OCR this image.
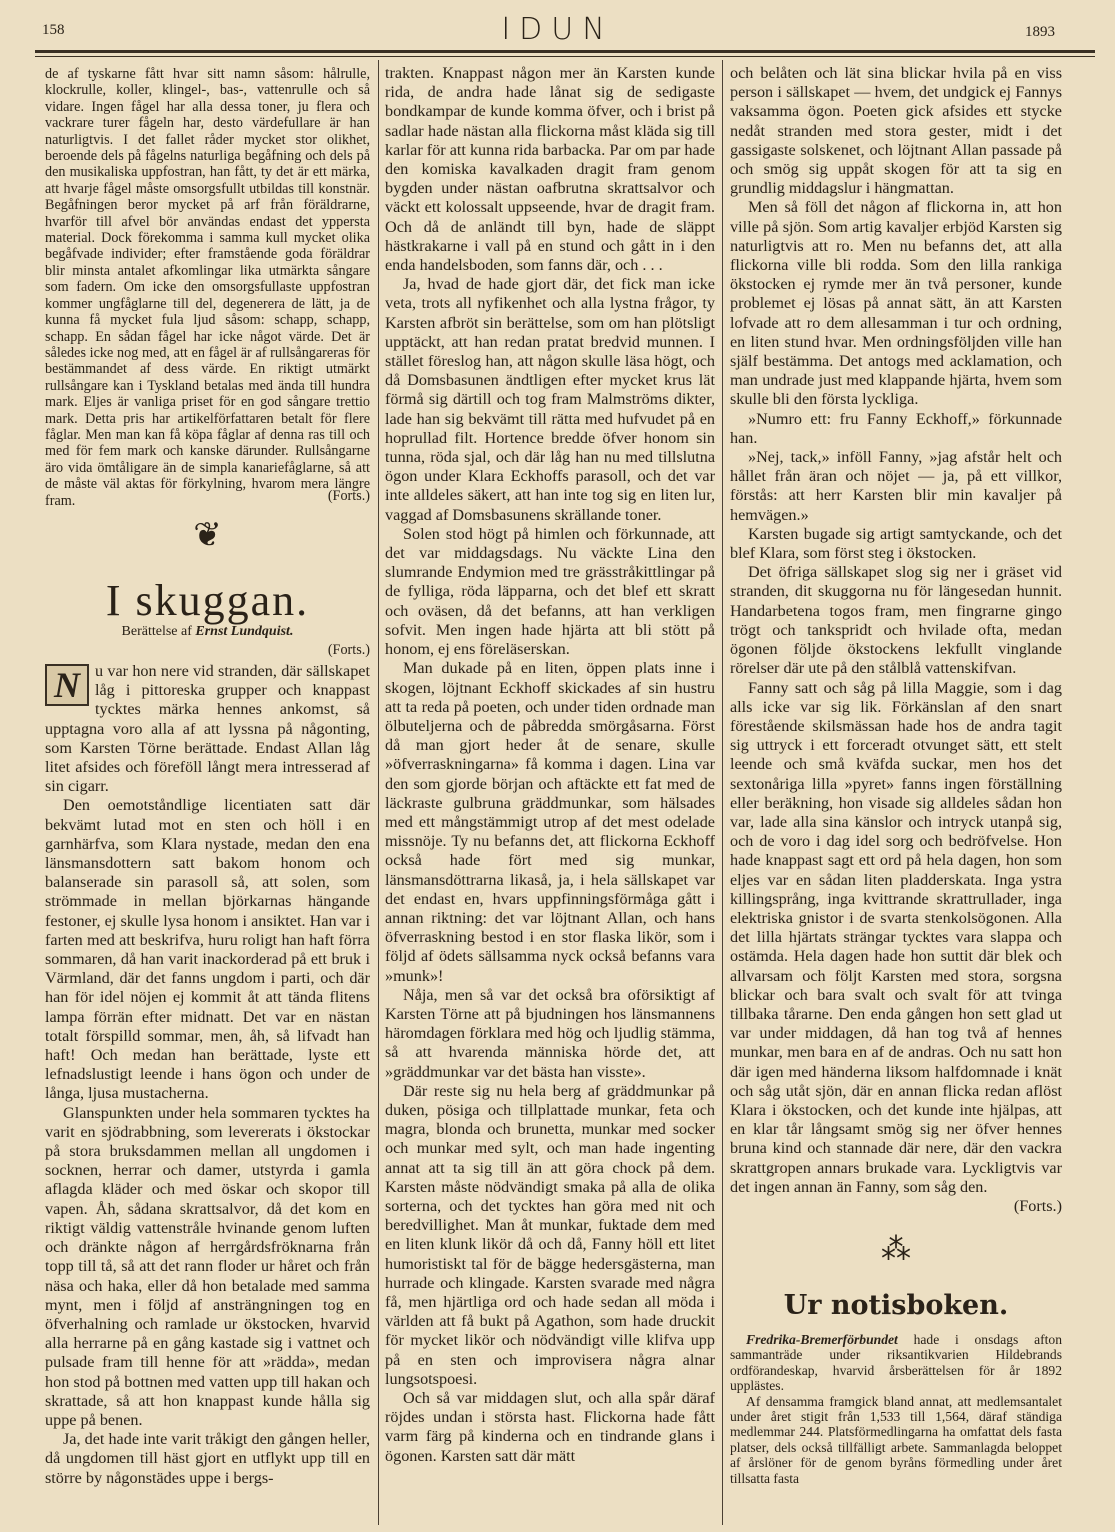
158	IDUN	1893

de af tyskarne fått hvar sitt namn såsom: hålrulle, klockrulle, koller, klingel-, bas-, vattenrulle och så vidare. Ingen fågel har alla dessa toner, ju flera och vackrare turer fågeln har, desto värdefullare är han naturligtvis. I det fallet råder mycket stor olikhet, beroende dels på fågelns naturliga begåfning och dels på den musikaliska uppfostran, han fått, ty det är ett märka, att hvarje fågel måste omsorgsfullt utbildas till konstnär. Begåfningen beror mycket på arf från föräldrarne, hvarför till afvel bör användas endast det yppersta material. Dock förekomma i samma kull mycket olika begåfvade individer; efter framstående goda föräldrar blir minsta antalet afkomlingar lika utmärkta sångare som fadern. Om icke den omsorgsfullaste uppfostran kommer ungfåglarne till del, degenerera de lätt, ja de kunna få mycket fula ljud såsom: schapp, schapp, schapp. En sådan fågel har icke något värde. Det är således icke nog med, att en fågel är af rullsångareras för bestämmandet af dess värde. En riktigt utmärkt rullsångare kan i Tyskland betalas med ända till hundra mark. Eljes är vanliga priset för en god sångare trettio mark. Detta pris har artikelförfattaren betalt för flere fåglar. Men man kan få köpa fåglar af denna ras till och med för fem mark och kanske därunder. Rullsångarne äro vida ömtåligare än de simpla kanariefåglarne, så att de måste väl aktas för förkylning, hvarom mera längre fram.	(Forts.)

❦
I skuggan.
Berättelse af Ernst Lundquist.

(Forts.)

N u var hon nere vid stranden, där sällskapet låg i pittoreska grupper och knappast tycktes märka hennes ankomst, så upptagna voro alla af att lyssna på någonting, som Karsten Törne berättade. Endast Allan låg litet afsides och föreföll långt mera intresserad af sin cigarr.

Den oemotståndlige licentiaten satt där bekvämt lutad mot en sten och höll i en garnhärfva, som Klara nystade, medan den ena länsmansdottern satt bakom honom och balanserade sin parasoll så, att solen, som strömmade in mellan björkarnas hängande festoner, ej skulle lysa honom i ansiktet. Han var i farten med att beskrifva, huru roligt han haft förra sommaren, då han varit inackorderad på ett bruk i Värmland, där det fanns ungdom i parti, och där han för idel nöjen ej kommit åt att tända flitens lampa förrän efter midnatt. Det var en nästan totalt förspilld sommar, men, åh, så lifvadt han haft! Och medan han berättade, lyste ett lefnadslustigt leende i hans ögon och under de långa, ljusa mustacherna.

Glanspunkten under hela sommaren tycktes ha varit en sjödrabbning, som levererats i ökstockar på stora bruksdammen mellan all ungdomen i socknen, herrar och damer, utstyrda i gamla aflagda kläder och med öskar och skopor till vapen. Åh, sådana skrattsalvor, då det kom en riktigt väldig vattenstråle hvinande genom luften och dränkte någon af herrgårdsfröknarna från topp till tå, så att det rann floder ur håret och från näsa och haka, eller då hon betalade med samma mynt, men i följd af ansträngningen tog en öfverhalning och ramlade ur ökstocken, hvarvid alla herrarne på en gång kastade sig i vattnet och pulsade fram till henne för att »rädda», medan hon stod på bottnen med vatten upp till hakan och skrattade, så att hon knappast kunde hålla sig uppe på benen.

Ja, det hade inte varit tråkigt den gången heller, då ungdomen till häst gjort en utflykt upp till en större by någonstädes uppe i bergs-

trakten. Knappast någon mer än Karsten kunde rida, de andra hade lånat sig de sedigaste bondkampar de kunde komma öfver, och i brist på sadlar hade nästan alla flickorna måst kläda sig till karlar för att kunna rida barbacka. Par om par hade den komiska kavalkaden dragit fram genom bygden under nästan oafbrutna skrattsalvor och väckt ett kolossalt uppseende, hvar de dragit fram. Och då de anländt till byn, hade de släppt hästkrakarne i vall på en stund och gått in i den enda handelsboden, som fanns där, och . . .

Ja, hvad de hade gjort där, det fick man icke veta, trots all nyfikenhet och alla lystna frågor, ty Karsten afbröt sin berättelse, som om han plötsligt upptäckt, att han redan pratat bredvid munnen. I stället föreslog han, att någon skulle läsa högt, och då Domsbasunen ändtligen efter mycket krus lät förmå sig därtill och tog fram Malmströms dikter, lade han sig bekvämt till rätta med hufvudet på en hoprullad filt. Hortence bredde öfver honom sin tunna, röda sjal, och där låg han nu med tillslutna ögon under Klara Eckhoffs parasoll, och det var inte alldeles säkert, att han inte tog sig en liten lur, vaggad af Domsbasunens skrällande toner.

Solen stod högt på himlen och förkunnade, att det var middagsdags. Nu väckte Lina den slumrande Endymion med tre grässtråkittlingar på de fylliga, röda läpparna, och det blef ett skratt och oväsen, då det befanns, att han verkligen sofvit. Men ingen hade hjärta att bli stött på honom, ej ens föreläserskan.

Man dukade på en liten, öppen plats inne i skogen, löjtnant Eckhoff skickades af sin hustru att ta reda på poeten, och under tiden ordnade man ölbuteljerna och de påbredda smörgåsarna. Först då man gjort heder åt de senare, skulle »öfverraskningarna» få komma i dagen. Lina var den som gjorde början och aftäckte ett fat med de läckraste gulbruna gräddmunkar, som hälsades med ett mångstämmigt utrop af det mest odelade missnöje. Ty nu befanns det, att flickorna Eckhoff också hade fört med sig munkar, länsmansdöttrarna likaså, ja, i hela sällskapet var det endast en, hvars uppfinningsförmåga gått i annan riktning: det var löjtnant Allan, och hans öfverraskning bestod i en stor flaska likör, som i följd af ödets sällsamma nyck också befanns vara »munk»!

Nåja, men så var det också bra oförsiktigt af Karsten Törne att på bjudningen hos länsmannens häromdagen förklara med hög och ljudlig stämma, så att hvarenda människa hörde det, att »gräddmunkar var det bästa han visste».

Där reste sig nu hela berg af gräddmunkar på duken, pösiga och tillplattade munkar, feta och magra, blonda och brunetta, munkar med socker och munkar med sylt, och man hade ingenting annat att ta sig till än att göra chock på dem. Karsten måste nödvändigt smaka på alla de olika sorterna, och det tycktes han göra med nit och beredvillighet. Man åt munkar, fuktade dem med en liten klunk likör då och då, Fanny höll ett litet humoristiskt tal för de bägge hedersgästerna, man hurrade och klingade. Karsten svarade med några få, men hjärtliga ord och hade sedan all möda i världen att få bukt på Agathon, som hade druckit för mycket likör och nödvändigt ville klifva upp på en sten och improvisera några alnar lungsotspoesi.

Och så var middagen slut, och alla spår däraf röjdes undan i största hast. Flickorna hade fått varm färg på kinderna och en tindrande glans i ögonen. Karsten satt där mätt

och belåten och lät sina blickar hvila på en viss person i sällskapet — hvem, det undgick ej Fannys vaksamma ögon. Poeten gick afsides ett stycke nedåt stranden med stora gester, midt i det gassigaste solskenet, och löjtnant Allan passade på och smög sig uppåt skogen för att ta sig en grundlig middagslur i hängmattan.

Men så föll det någon af flickorna in, att hon ville på sjön. Som artig kavaljer erbjöd Karsten sig naturligtvis att ro. Men nu befanns det, att alla flickorna ville bli rodda. Som den lilla rankiga ökstocken ej rymde mer än två personer, kunde problemet ej lösas på annat sätt, än att Karsten lofvade att ro dem allesamman i tur och ordning, en liten stund hvar. Men ordningsföljden ville han själf bestämma. Det antogs med acklamation, och man undrade just med klappande hjärta, hvem som skulle bli den första lyckliga.

»Numro ett: fru Fanny Eckhoff,» förkunnade han.

»Nej, tack,» inföll Fanny, »jag afstår helt och hållet från äran och nöjet — ja, på ett villkor, förstås: att herr Karsten blir min kavaljer på hemvägen.»

Karsten bugade sig artigt samtyckande, och det blef Klara, som först steg i ökstocken.

Det öfriga sällskapet slog sig ner i gräset vid stranden, dit skuggorna nu för längesedan hunnit. Handarbetena togos fram, men fingrarne gingo trögt och tankspridt och hvilade ofta, medan ögonen följde ökstockens lekfullt vinglande rörelser där ute på den stålblå vattenskifvan.

Fanny satt och såg på lilla Maggie, som i dag alls icke var sig lik. Förkänslan af den snart förestående skilsmässan hade hos de andra tagit sig uttryck i ett forceradt otvunget sätt, ett stelt leende och små kväfda suckar, men hos det sextonåriga lilla »pyret» fanns ingen förställning eller beräkning, hon visade sig alldeles sådan hon var, lade alla sina känslor och intryck utanpå sig, och de voro i dag idel sorg och bedröfvelse. Hon hade knappast sagt ett ord på hela dagen, hon som eljes var en sådan liten pladderskata. Inga ystra killingsprång, inga kvittrande skrattrullader, inga elektriska gnistor i de svarta stenkolsögonen. Alla det lilla hjärtats strängar tycktes vara slappa och ostämda. Hela dagen hade hon suttit där blek och allvarsam och följt Karsten med stora, sorgsna blickar och bara svalt och svalt för att tvinga tillbaka tårarne. Den enda gången hon sett glad ut var under middagen, då han tog två af hennes munkar, men bara en af de andras. Och nu satt hon där igen med händerna liksom halfdomnade i knät och såg utåt sjön, där en annan flicka redan aflöst Klara i ökstocken, och det kunde inte hjälpas, att en klar tår långsamt smög sig ner öfver hennes bruna kind och stannade där nere, där den vackra skrattgropen annars brukade vara. Lyckligtvis var det ingen annan än Fanny, som såg den.

(Forts.)

⁂
Ur notisboken.

Fredrika-Bremerförbundet hade i onsdags afton sammanträde under riksantikvarien Hildebrands ordförandeskap, hvarvid årsberättelsen för år 1892 upplästes.

Af densamma framgick bland annat, att medlemsantalet under året stigit från 1,533 till 1,564, däraf ständiga medlemmar 244. Platsförmedlingarna ha omfattat dels fasta platser, dels också tillfälligt arbete. Sammanlagda beloppet af årslöner för de genom byråns förmedling under året tillsatta fasta
